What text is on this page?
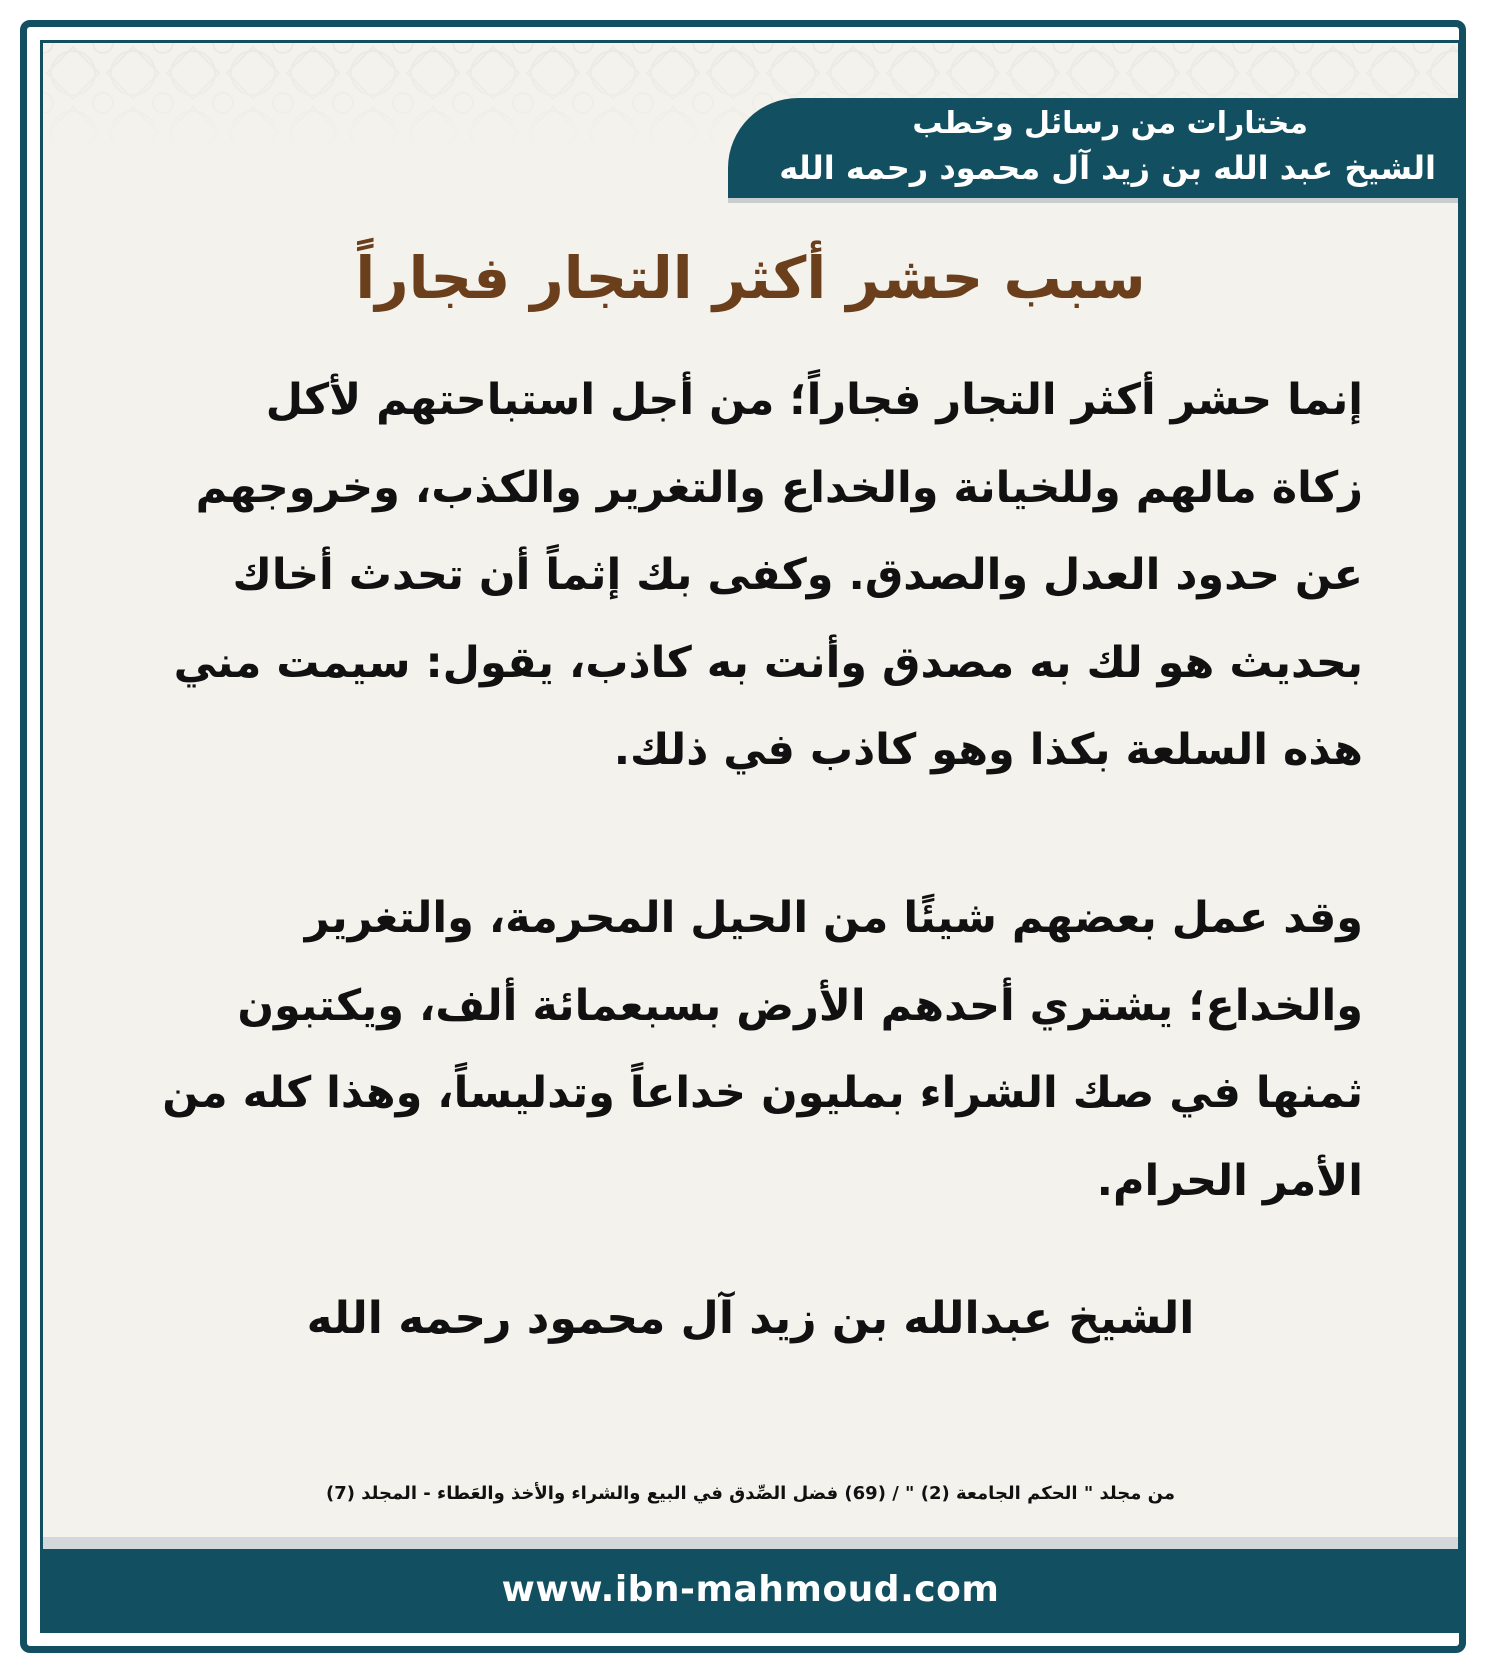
مختارات من رسائل وخطب
الشيخ عبد الله بن زيد آل محمود رحمه الله
سبب حشر أكثر التجار فجاراً
إنما حشر أكثر التجار فجاراً؛ من أجل استباحتهم لأكل
زكاة مالهم وللخيانة والخداع والتغرير والكذب، وخروجهم
عن حدود العدل والصدق. وكفى بك إثماً أن تحدث أخاك
بحديث هو لك به مصدق وأنت به كاذب، يقول: سيمت مني
هذه السلعة بكذا وهو كاذب في ذلك.
وقد عمل بعضهم شيئًا من الحيل المحرمة، والتغرير
والخداع؛ يشتري أحدهم الأرض بسبعمائة ألف، ويكتبون
ثمنها في صك الشراء بمليون خداعاً وتدليساً، وهذا كله من
الأمر الحرام.
الشيخ عبدالله بن زيد آل محمود رحمه الله
من مجلد " الحكم الجامعة (2) " / (69) فضل الصِّدق في البيع والشراء والأخذ والعَطاء - المجلد (7)
www.ibn-mahmoud.com
